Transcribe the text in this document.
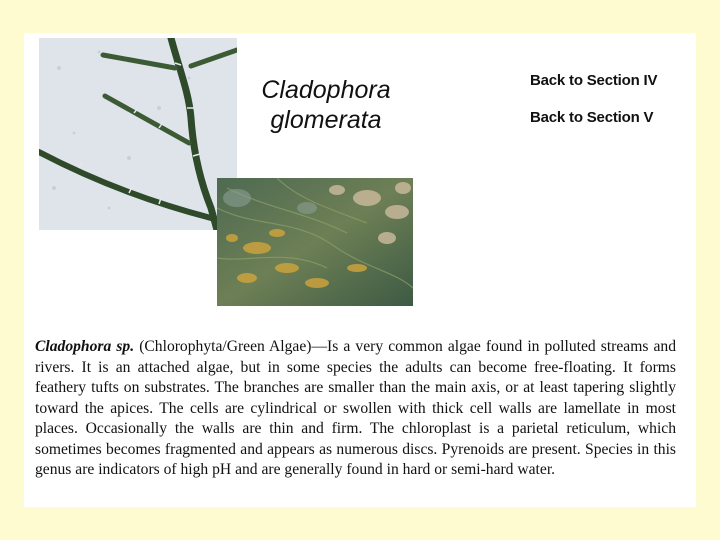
Cladophora
glomerata
Back to Section IV
Back to Section V
Cladophora sp. (Chlorophyta/Green Algae)—Is a very common algae found in polluted streams and rivers. It is an attached algae, but in some species the adults can become free-floating. It forms feathery tufts on substrates. The branches are smaller than the main axis, or at least tapering slightly toward the apices. The cells are cylindrical or swollen with thick cell walls are lamellate in most places. Occasionally the walls are thin and firm. The chloroplast is a parietal reticulum, which sometimes becomes fragmented and appears as numerous discs. Pyrenoids are present. Species in this genus are indicators of high pH and are generally found in hard or semi-hard water.
